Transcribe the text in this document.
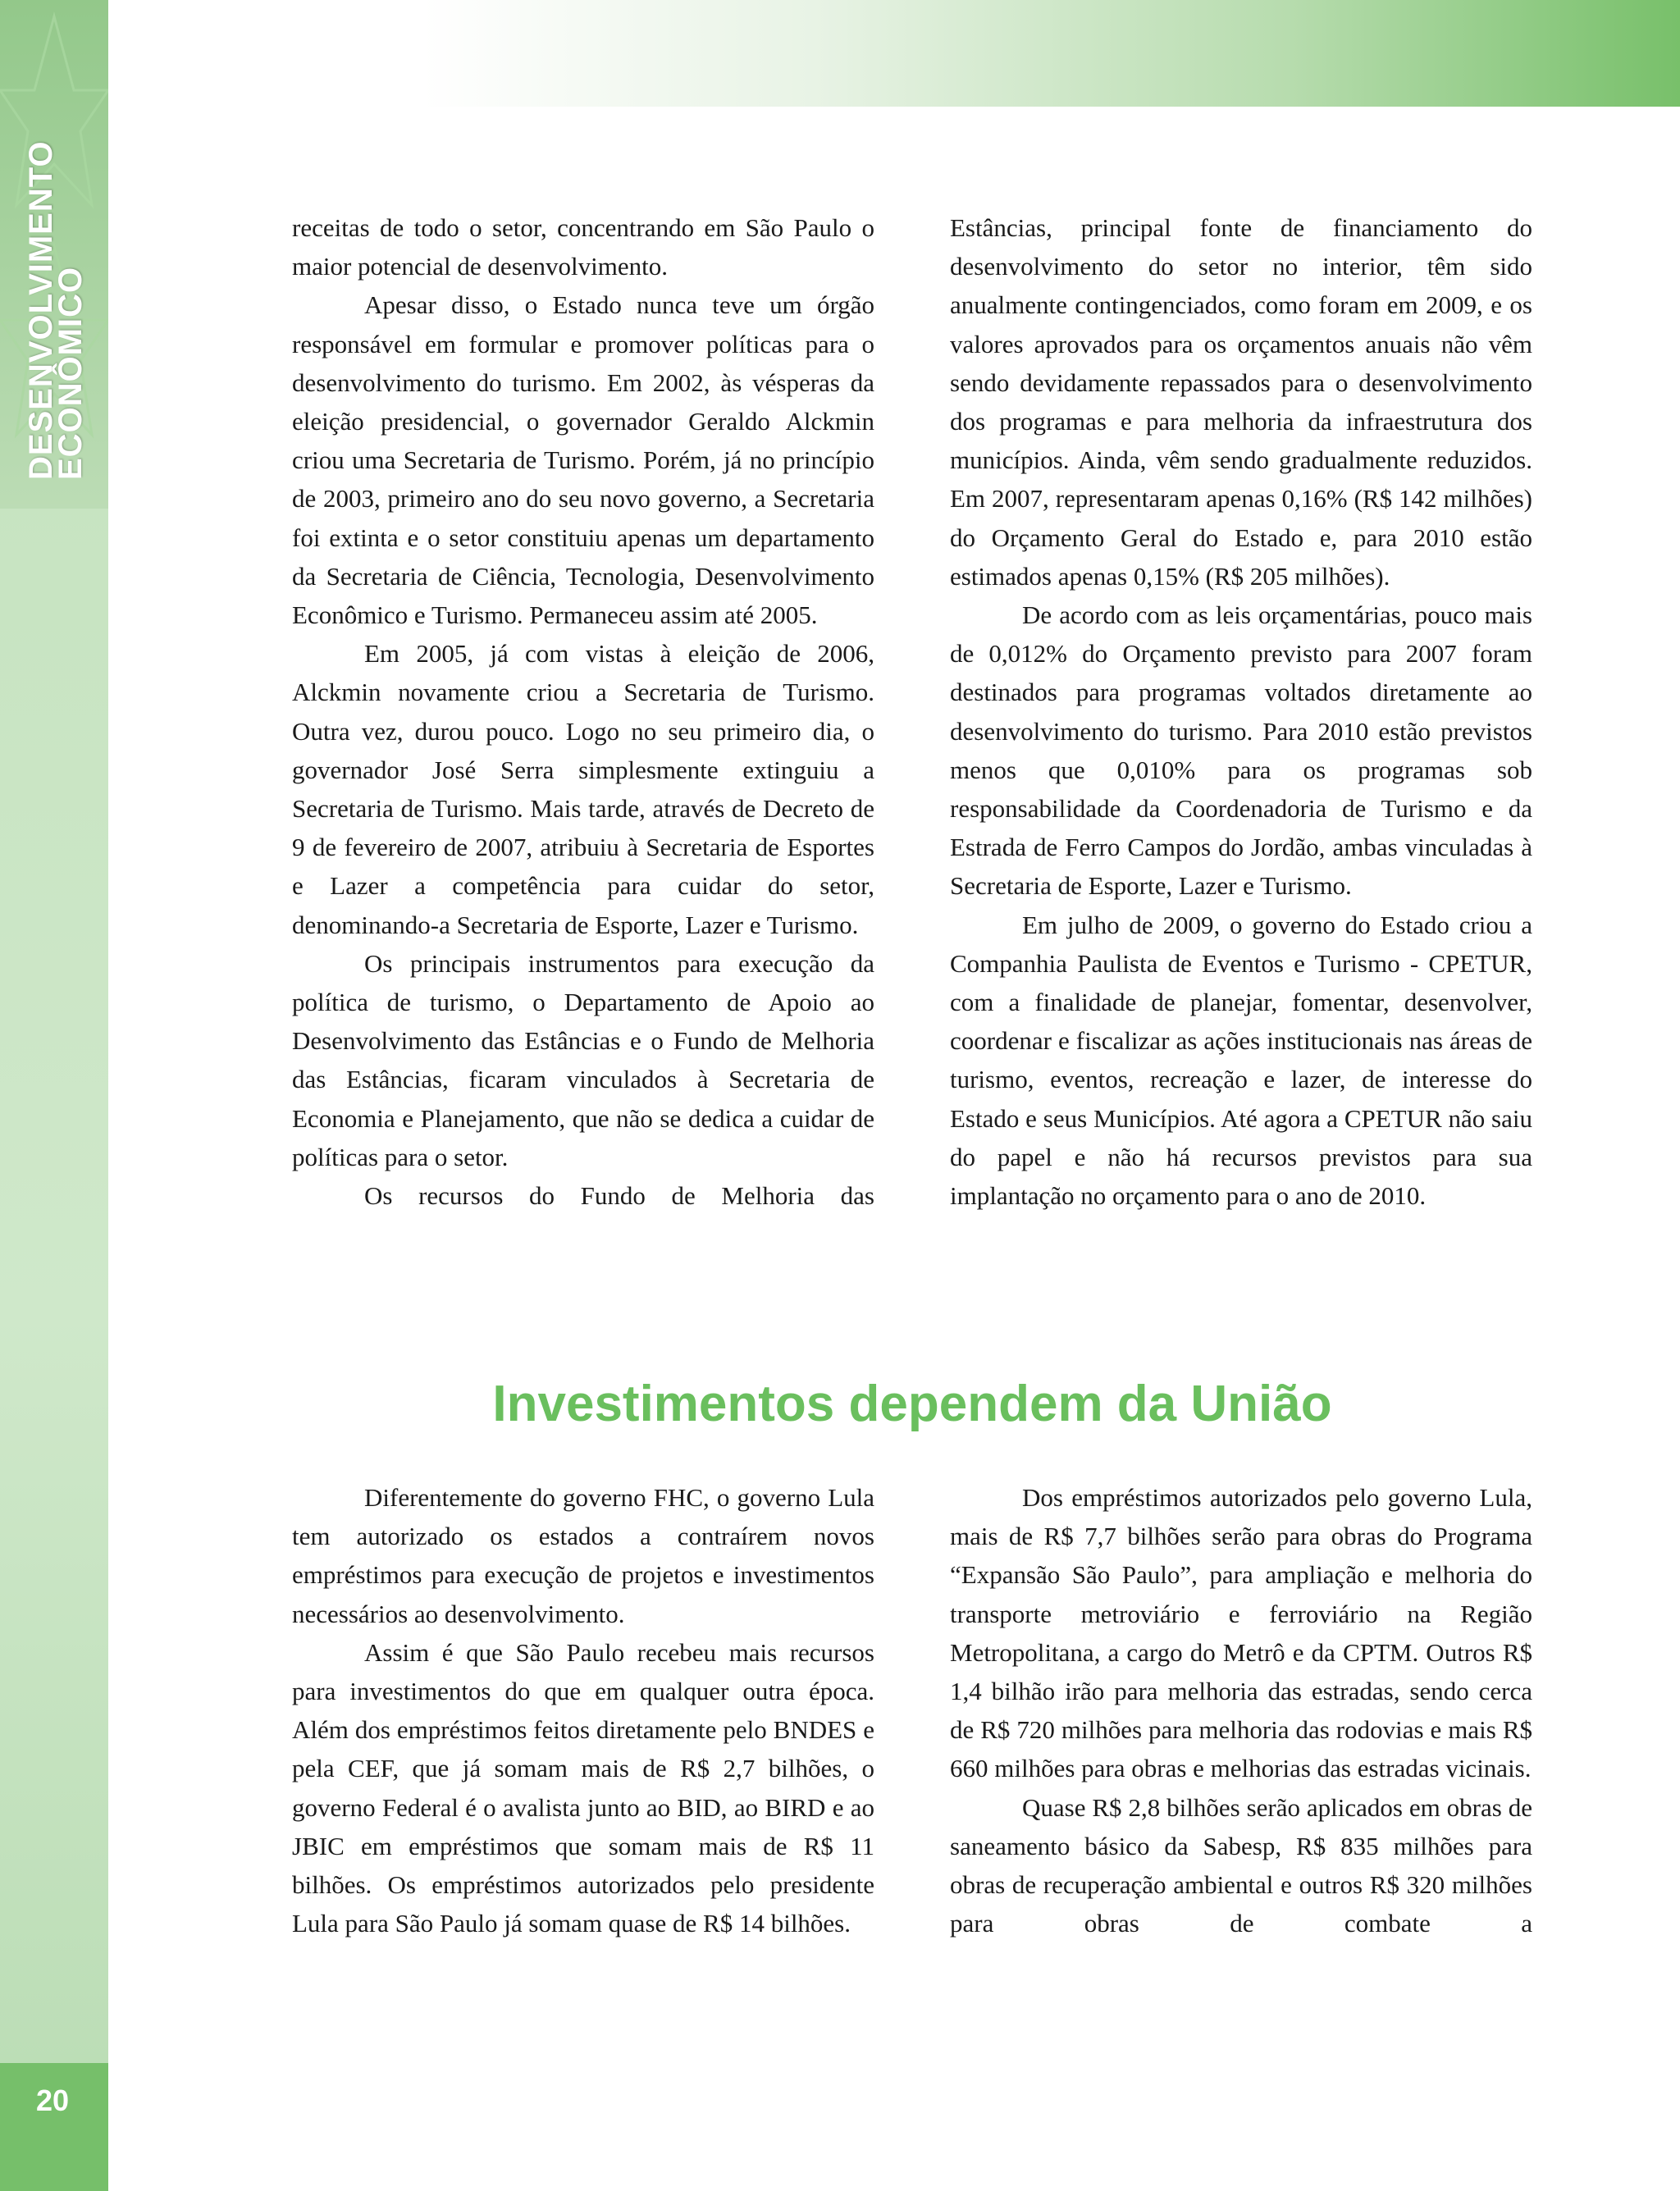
DESENVOLVIMENTO
ECONÔMICO
20

receitas de todo o setor, concentrando em São Paulo o maior potencial de desenvolvimento.

Apesar disso, o Estado nunca teve um órgão responsável em formular e promover políticas para o desenvolvimento do turismo. Em 2002, às vésperas da eleição presidencial, o governador Geraldo Alckmin criou uma Secretaria de Turismo. Porém, já no princípio de 2003, primeiro ano do seu novo governo, a Secretaria foi extinta e o setor constituiu apenas um departamento da Secretaria de Ciência, Tecnologia, Desenvolvimento Econômico e Turismo. Permaneceu assim até 2005.

Em 2005, já com vistas à eleição de 2006, Alckmin novamente criou a Secretaria de Turismo. Outra vez, durou pouco. Logo no seu primeiro dia, o governador José Serra simplesmente extinguiu a Secretaria de Turismo. Mais tarde, através de Decreto de 9 de fevereiro de 2007, atribuiu à Secretaria de Esportes e Lazer a competência para cuidar do setor, denominando-a Secretaria de Esporte, Lazer e Turismo.

Os principais instrumentos para execução da política de turismo, o Departamento de Apoio ao Desenvolvimento das Estâncias e o Fundo de Melhoria das Estâncias, ficaram vinculados à Secretaria de Economia e Planejamento, que não se dedica a cuidar de políticas para o setor.

Os recursos do Fundo de Melhoria das

Estâncias, principal fonte de financiamento do desenvolvimento do setor no interior, têm sido anualmente contingenciados, como foram em 2009, e os valores aprovados para os orçamentos anuais não vêm sendo devidamente repassados para o desenvolvimento dos programas e para melhoria da infraestrutura dos municípios. Ainda, vêm sendo gradualmente reduzidos. Em 2007, representaram apenas 0,16% (R$ 142 milhões) do Orçamento Geral do Estado e, para 2010 estão estimados apenas 0,15% (R$ 205 milhões).

De acordo com as leis orçamentárias, pouco mais de 0,012% do Orçamento previsto para 2007 foram destinados para programas voltados diretamente ao desenvolvimento do turismo. Para 2010 estão previstos menos que 0,010% para os programas sob responsabilidade da Coordenadoria de Turismo e da Estrada de Ferro Campos do Jordão, ambas vinculadas à Secretaria de Esporte, Lazer e Turismo.

Em julho de 2009, o governo do Estado criou a Companhia Paulista de Eventos e Turismo - CPETUR, com a finalidade de planejar, fomentar, desenvolver, coordenar e fiscalizar as ações institucionais nas áreas de turismo, eventos, recreação e lazer, de interesse do Estado e seus Municípios. Até agora a CPETUR não saiu do papel e não há recursos previstos para sua implantação no orçamento para o ano de 2010.

Investimentos dependem da União

Diferentemente do governo FHC, o governo Lula tem autorizado os estados a contraírem novos empréstimos para execução de projetos e investimentos necessários ao desenvolvimento.

Assim é que São Paulo recebeu mais recursos para investimentos do que em qualquer outra época. Além dos empréstimos feitos diretamente pelo BNDES e pela CEF, que já somam mais de R$ 2,7 bilhões, o governo Federal é o avalista junto ao BID, ao BIRD e ao JBIC em empréstimos que somam mais de R$ 11 bilhões. Os empréstimos autorizados pelo presidente Lula para São Paulo já somam quase de R$ 14 bilhões.

Dos empréstimos autorizados pelo governo Lula, mais de R$ 7,7 bilhões serão para obras do Programa “Expansão São Paulo”, para ampliação e melhoria do transporte metroviário e ferroviário na Região Metropolitana, a cargo do Metrô e da CPTM. Outros R$ 1,4 bilhão irão para melhoria das estradas, sendo cerca de R$ 720 milhões para melhoria das rodovias e mais R$ 660 milhões para obras e melhorias das estradas vicinais.

Quase R$ 2,8 bilhões serão aplicados em obras de saneamento básico da Sabesp, R$ 835 milhões para obras de recuperação ambiental e outros R$ 320 milhões para obras de combate a
